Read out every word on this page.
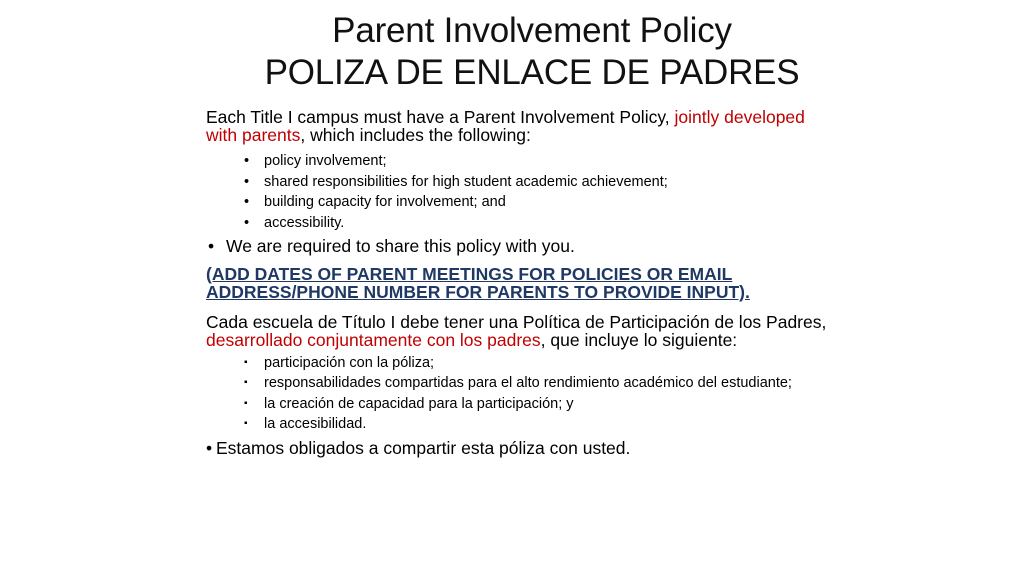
Parent Involvement Policy
POLIZA DE ENLACE DE PADRES

Each Title I campus must have a Parent Involvement Policy, jointly developed with parents, which includes the following:

• policy involvement;
• shared responsibilities for high student academic achievement;
• building capacity for involvement; and
• accessibility.
• We are required to share this policy with you.

(ADD DATES OF PARENT MEETINGS FOR POLICIES OR EMAIL ADDRESS/PHONE NUMBER FOR PARENTS TO PROVIDE INPUT).

Cada escuela de Título I debe tener una Política de Participación de los Padres, desarrollado conjuntamente con los padres, que incluye lo siguiente:

▪ participación con la póliza;
▪ responsabilidades compartidas para el alto rendimiento académico del estudiante;
▪ la creación de capacidad para la participación; y
▪ la accesibilidad.
• Estamos obligados a compartir esta póliza con usted.
